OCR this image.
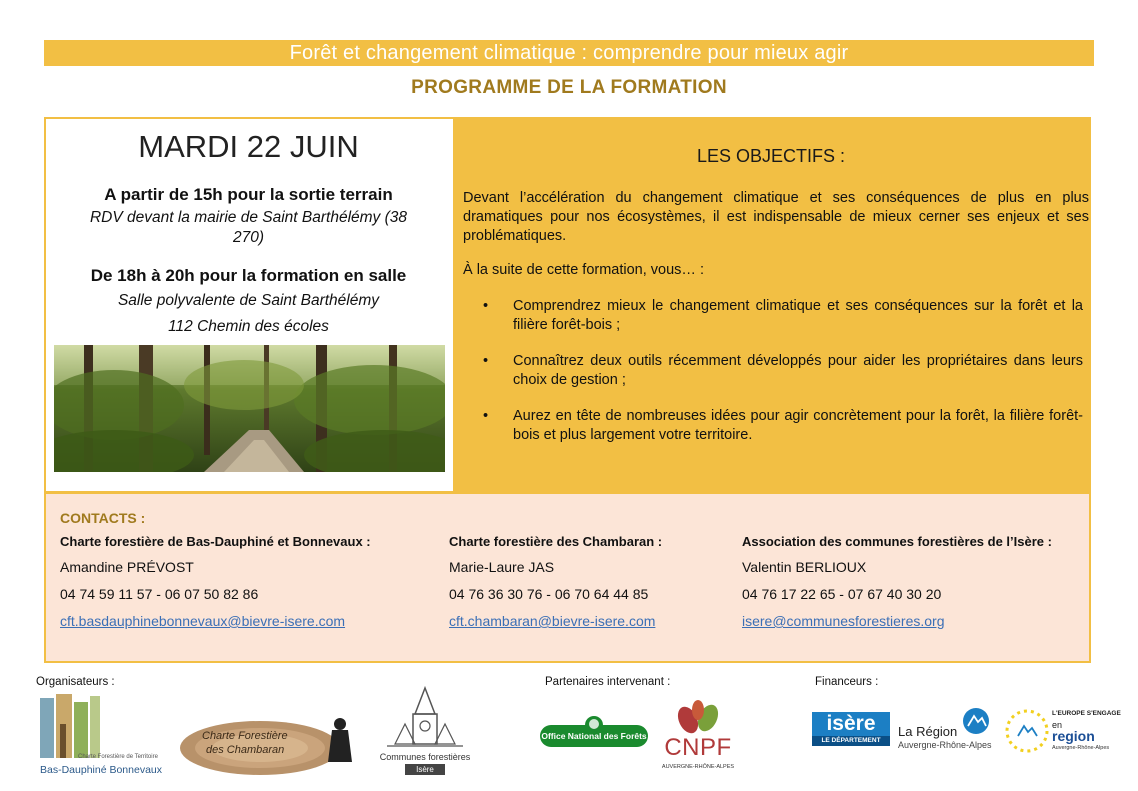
Forêt et changement climatique : comprendre pour mieux agir
PROGRAMME DE LA FORMATION
MARDI 22 JUIN
A partir de 15h pour la sortie terrain
RDV devant la mairie de Saint Barthélémy (38 270)
De 18h à 20h pour la formation en salle
Salle polyvalente de Saint Barthélémy
112 Chemin des écoles
LES OBJECTIFS :
Devant l’accélération du changement climatique et ses conséquences de plus en plus dramatiques pour nos écosystèmes, il est indispensable de mieux cerner ses enjeux et ses problématiques.
À la suite de cette formation, vous… :
• Comprendrez mieux le changement climatique et ses conséquences sur la forêt et la filière forêt-bois ;
• Connaîtrez deux outils récemment développés pour aider les propriétaires dans leurs choix de gestion ;
• Aurez en tête de nombreuses idées pour agir concrètement pour la forêt, la filière forêt-bois et plus largement votre territoire.
CONTACTS :
Charte forestière de Bas-Dauphiné et Bonnevaux :
Amandine PRÉVOST
04 74 59 11 57 - 06 07 50 82 86
cft.basdauphinebonnevaux@bievre-isere.com
Charte forestière des Chambaran :
Marie-Laure JAS
04 76 36 30 76 - 06 70 64 44 85
cft.chambaran@bievre-isere.com
Association des communes forestières de l’Isère :
Valentin BERLIOUX
04 76 17 22 65 - 07 67 40 30 20
isere@communesforestieres.org
Organisateurs :	Partenaires intervenant :	Financeurs :
Charte Forestière de Territoire
Bas-Dauphiné Bonnevaux
Charte Forestière
des Chambaran
Communes forestières
Isère
Office National des Forêts CNPF
AUVERGNE-RHÔNE-ALPES
isère
LE DÉPARTEMENT
La Région
Auvergne-Rhône-Alpes
L'EUROPE S'ENGAGE
en
region
Auvergne-Rhône-Alpes
